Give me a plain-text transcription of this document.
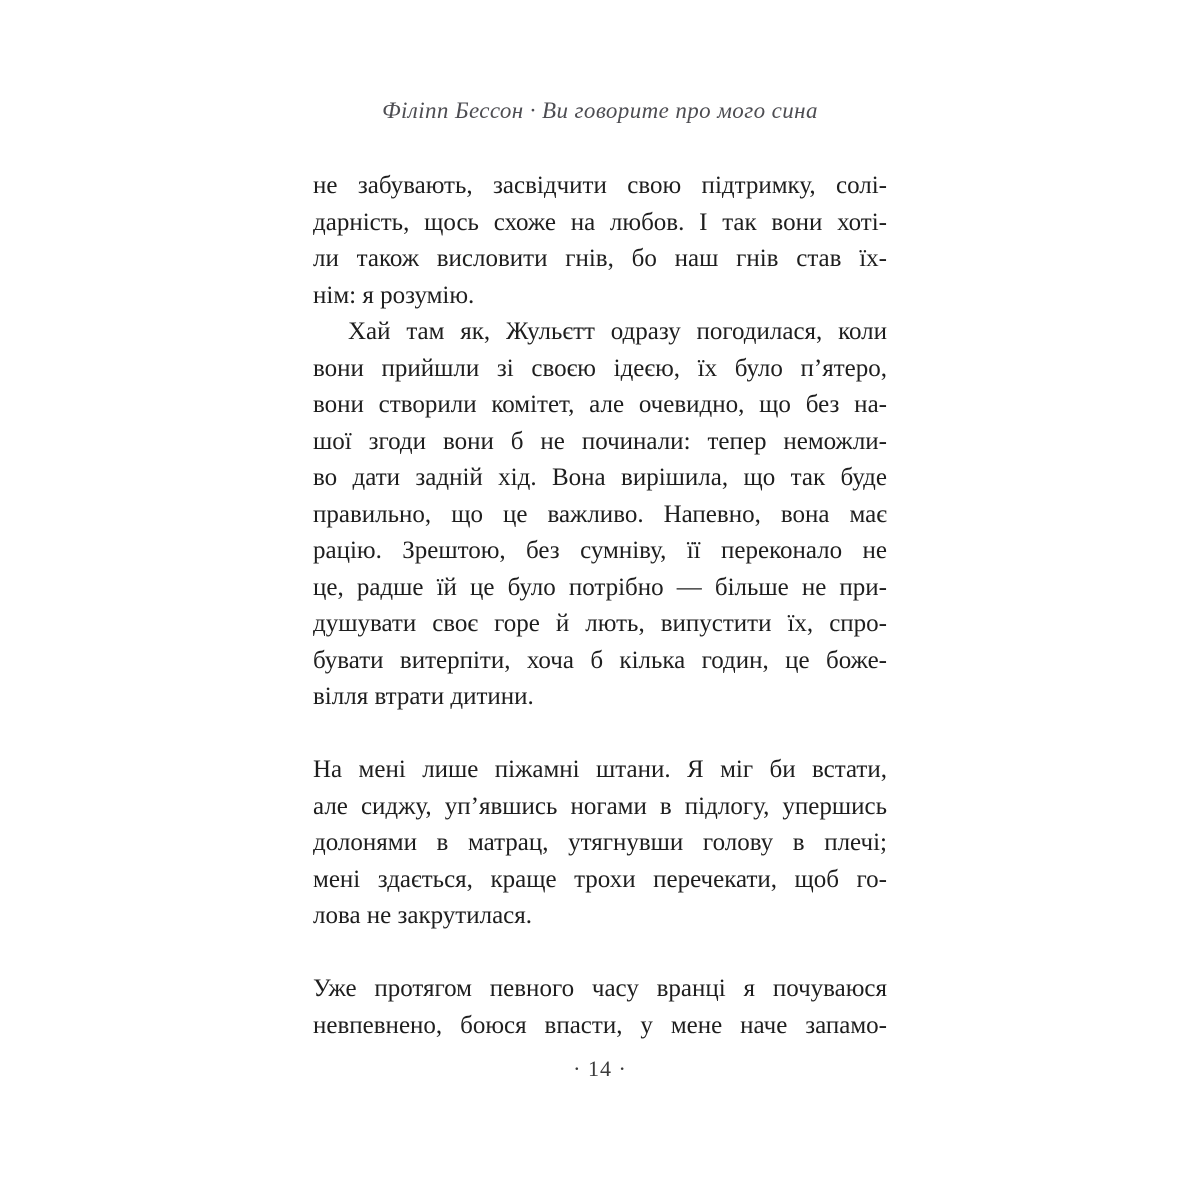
Філіпп Бессон · Ви говорите про мого сина
не забувають, засвідчити свою підтримку, солі-
дарність, щось схоже на любов. І так вони хоті-
ли також висловити гнів, бо наш гнів став їх-
нім: я розумію.
Хай там як, Жульєтт одразу погодилася, коли
вони прийшли зі своєю ідеєю, їх було п’ятеро,
вони створили комітет, але очевидно, що без на-
шої згоди вони б не починали: тепер неможли-
во дати задній хід. Вона вирішила, що так буде
правильно, що це важливо. Напевно, вона має
рацію. Зрештою, без сумніву, її переконало не
це, радше їй це було потрібно — більше не при-
душувати своє горе й лють, випустити їх, спро-
бувати витерпіти, хоча б кілька годин, це боже-
вілля втрати дитини.
На мені лише піжамні штани. Я міг би встати,
але сиджу, уп’явшись ногами в підлогу, упершись
долонями в матрац, утягнувши голову в плечі;
мені здається, краще трохи перечекати, щоб го-
лова не закрутилася.
Уже протягом певного часу вранці я почуваюся
невпевнено, боюся впасти, у мене наче запамо-
· 14 ·
